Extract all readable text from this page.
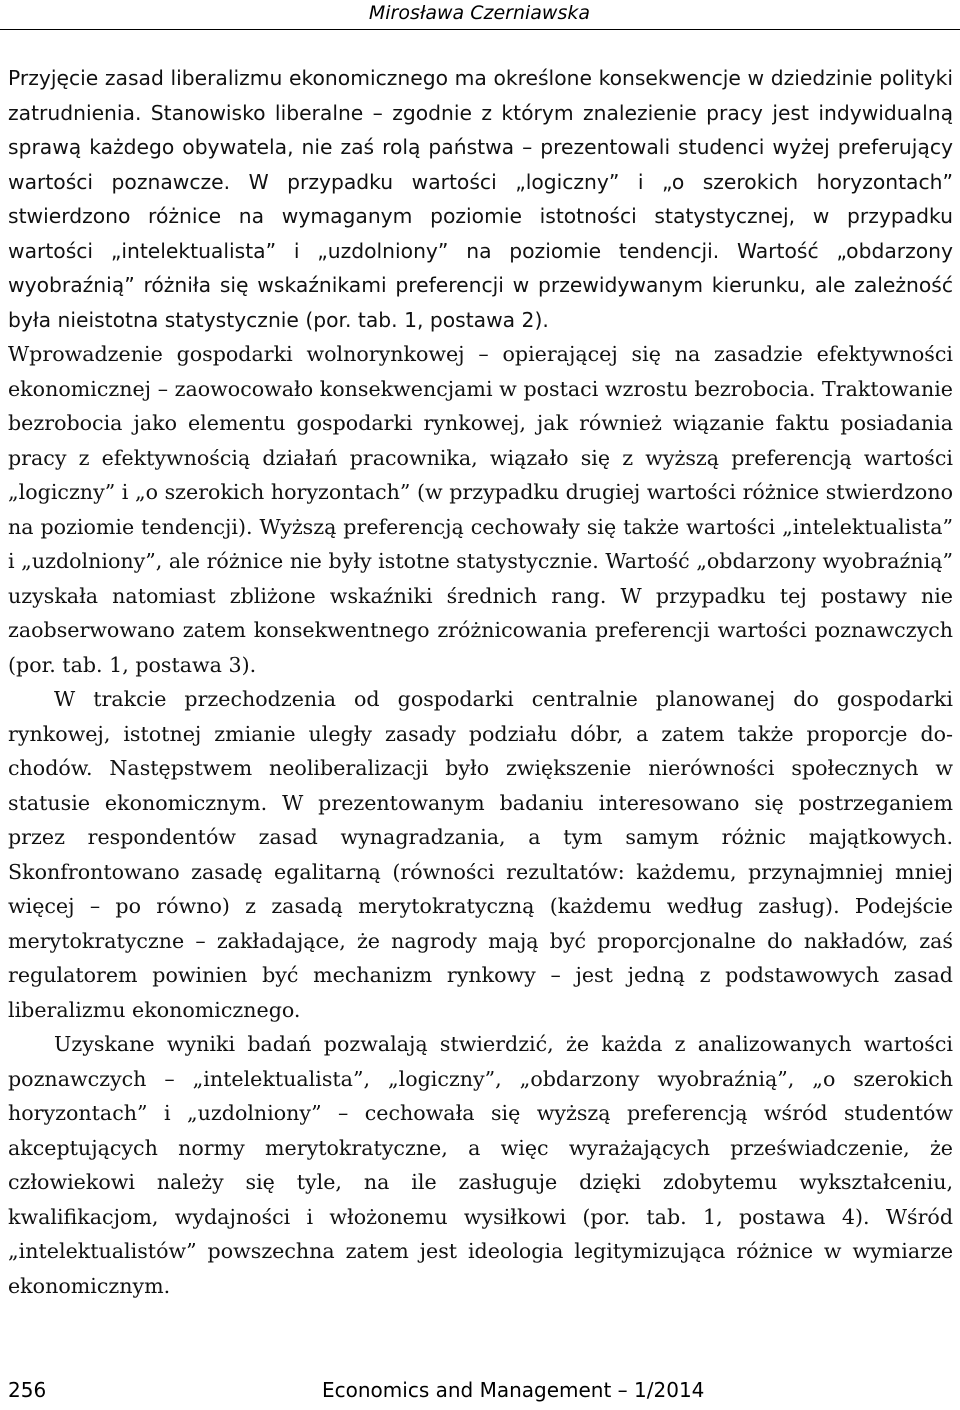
Mirosława Czerniawska

Przyjęcie zasad liberalizmu ekonomicznego ma określone konsekwencje w dziedzinie polityki zatrudnienia. Stanowisko liberalne – zgodnie z którym znalezienie pracy jest indywidualną sprawą każdego obywatela, nie zaś rolą państwa – prezentowali studenci wyżej preferujący wartości poznawcze. W przypadku wartości „logiczny” i „o szerokich horyzontach” stwierdzono różnice na wymaganym poziomie istotności statystycznej, w przypadku wartości „intelektualista” i „uzdolniony” na poziomie tendencji. Wartość „obdarzony wyobraźnią” różniła się wskaźnikami preferencji w przewidywanym kierunku, ale zależność była nieistotna statystycznie (por. tab. 1, postawa 2).

Wprowadzenie gospodarki wolnorynkowej – opierającej się na zasadzie efektywności ekonomicznej – zaowocowało konsekwencjami w postaci wzrostu bezrobocia. Traktowanie bezrobocia jako elementu gospodarki rynkowej, jak również wiązanie faktu posiadania pracy z efektywnością działań pracownika, wiązało się z wyższą preferencją wartości „logiczny” i „o szerokich horyzontach” (w przypadku drugiej wartości różnice stwierdzono na poziomie tendencji). Wyższą preferencją cechowały się także wartości „intelektualista” i „uzdolniony”, ale różnice nie były istotne statystycznie. Wartość „obdarzony wyobraźnią” uzyskała natomiast zbliżone wskaźniki średnich rang. W przypadku tej postawy nie zaobserwowano zatem konsekwentnego zróżnicowania preferencji wartości poznawczych (por. tab. 1, postawa 3).

W trakcie przechodzenia od gospodarki centralnie planowanej do gospodarki rynkowej, istotnej zmianie uległy zasady podziału dóbr, a zatem także proporcje dochodów. Następstwem neoliberalizacji było zwiększenie nierówności społecznych w statusie ekonomicznym. W prezentowanym badaniu interesowano się postrzeganiem przez respondentów zasad wynagradzania, a tym samym różnic majątkowych. Skonfrontowano zasadę egalitarną (równości rezultatów: każdemu, przynajmniej mniej więcej – po równo) z zasadą merytokratyczną (każdemu według zasług). Podejście merytokratyczne – zakładające, że nagrody mają być proporcjonalne do nakładów, zaś regulatorem powinien być mechanizm rynkowy – jest jedną z podstawowych zasad liberalizmu ekonomicznego.

Uzyskane wyniki badań pozwalają stwierdzić, że każda z analizowanych wartości poznawczych – „intelektualista”, „logiczny”, „obdarzony wyobraźnią”, „o szerokich horyzontach” i „uzdolniony” – cechowała się wyższą preferencją wśród studentów akceptujących normy merytokratyczne, a więc wyrażających przeświadczenie, że człowiekowi należy się tyle, na ile zasługuje dzięki zdobytemu wykształceniu, kwalifikacjom, wydajności i włożonemu wysiłkowi (por. tab. 1, postawa 4). Wśród „intelektualistów” powszechna zatem jest ideologia legitymizująca różnice w wymiarze ekonomicznym.

256	Economics and Management – 1/2014
